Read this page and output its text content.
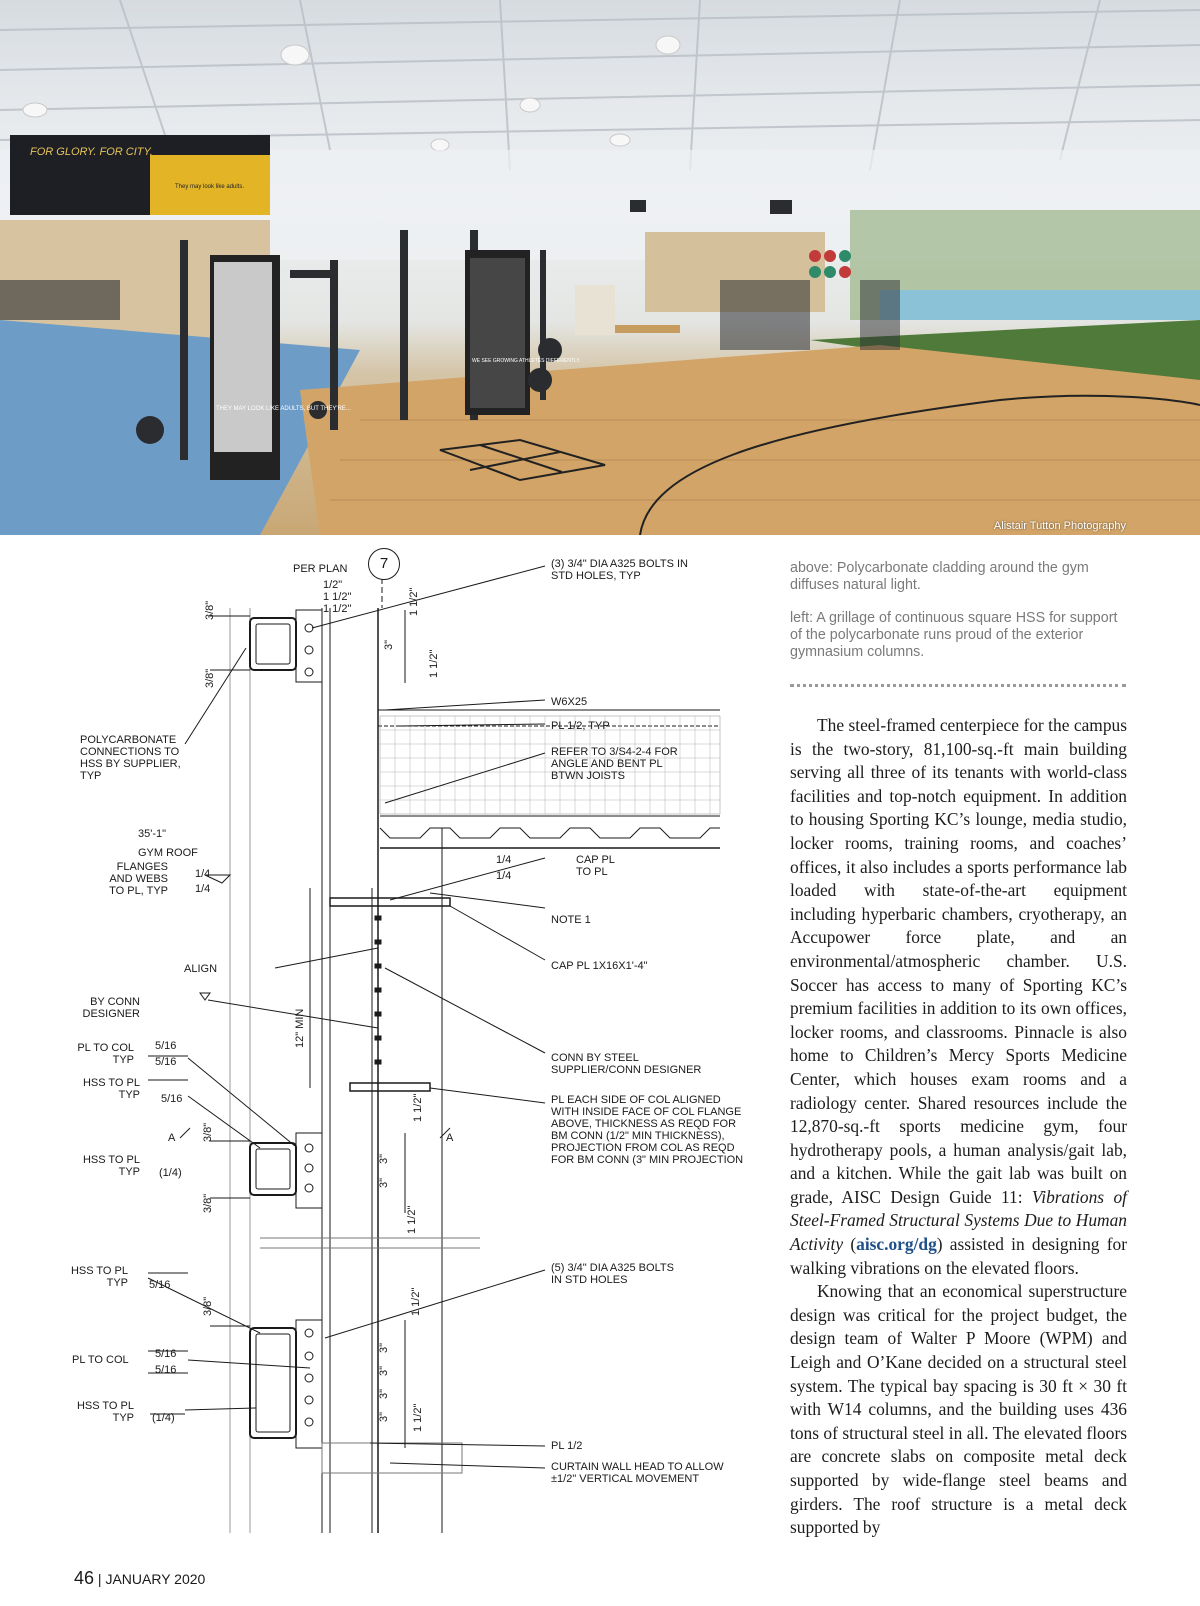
FOR GLORY. FOR CITY.
They may look like adults.
THEY MAY LOOK LIKE ADULTS, BUT THEY'RE...
WE SEE GROWING ATHLETES DIFFERENTLY.
Alistair Tutton Photography
7
PER PLAN
1/2"
1 1/2"
1 1/2"
3/8"
3/8"
1 1/2"
3"
1 1/2"
POLYCARBONATE
CONNECTIONS TO
HSS BY SUPPLIER,
TYP
35'-1"
GYM ROOF
FLANGES
AND WEBS
TO PL, TYP
1/4
1/4
1/4
1/4
ALIGN
BY CONN
DESIGNER
PL TO COL
TYP
5/16
5/16
HSS TO PL
TYP 5/16
A	A
HSS TO PL
TYP (1/4)
3/8"
3/8"
12" MIN
1 1/2"
3"
3"
1 1/2"
HSS TO PL
TYP 5/16
3/8"
PL TO COL 5/16
5/16
HSS TO PL
TYP (1/4)
1 1/2"
3"
3"
3"
3" 1 1/2"
(3) 3/4" DIA A325 BOLTS IN
STD HOLES, TYP
W6X25
PL 1/2, TYP
REFER TO 3/S4-2-4 FOR
ANGLE AND BENT PL
BTWN JOISTS
CAP PL
TO PL
NOTE 1
CAP PL 1X16X1'-4"
CONN BY STEEL
SUPPLIER/CONN DESIGNER
PL EACH SIDE OF COL ALIGNED
WITH INSIDE FACE OF COL FLANGE
ABOVE, THICKNESS AS REQD FOR
BM CONN (1/2" MIN THICKNESS),
PROJECTION FROM COL AS REQD
FOR BM CONN (3" MIN PROJECTION
(5) 3/4" DIA A325 BOLTS
IN STD HOLES
PL 1/2
CURTAIN WALL HEAD TO ALLOW
±1/2" VERTICAL MOVEMENT
above: Polycarbonate cladding around the gym diffuses natural light.
left: A grillage of continuous square HSS for support of the polycarbonate runs proud of the exterior gymnasium columns.

The steel-framed centerpiece for the campus is the two-story, 81,100-sq.-ft main building serving all three of its tenants with world-class facilities and top-notch equipment. In addition to housing Sporting KC’s lounge, media studio, locker rooms, training rooms, and coaches’ offices, it also includes a sports performance lab loaded with state-of-the-art equipment including hyperbaric chambers, cryotherapy, an Accupower force plate, and an environmental/atmospheric chamber. U.S. Soccer has access to many of Sporting KC’s premium facilities in addition to its own offices, locker rooms, and classrooms. Pinnacle is also home to Children’s Mercy Sports Medicine Center, which houses exam rooms and a radiology center. Shared resources include the 12,870-sq.-ft sports medicine gym, four hydrotherapy pools, a human analysis/gait lab, and a kitchen. While the gait lab was built on grade, AISC Design Guide 11: Vibrations of Steel-Framed Structural Systems Due to Human Activity (aisc.org/dg) assisted in designing for walking vibrations on the elevated floors.

Knowing that an economical superstructure design was critical for the project budget, the design team of Walter P Moore (WPM) and Leigh and O’Kane decided on a structural steel system. The typical bay spacing is 30 ft × 30 ft with W14 columns, and the building uses 436 tons of structural steel in all. The elevated floors are concrete slabs on composite metal deck supported by wide-flange steel beams and girders. The roof structure is a metal deck supported by

46 | JANUARY 2020
